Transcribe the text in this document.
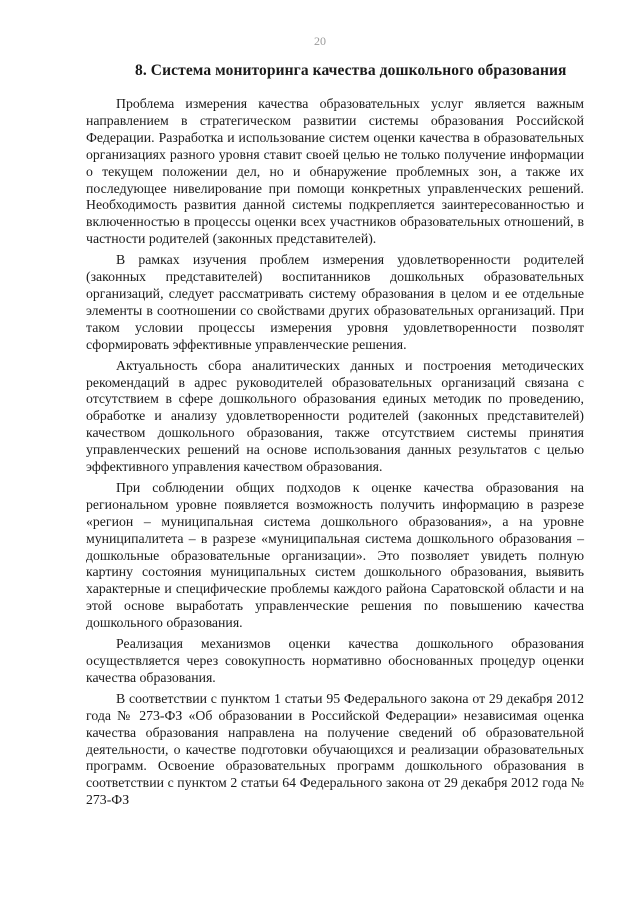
20
8. Система мониторинга качества дошкольного образования

Проблема измерения качества образовательных услуг является важным направлением в стратегическом развитии системы образования Российской Федерации. Разработка и использование систем оценки качества в образовательных организациях разного уровня ставит своей целью не только получение информации о текущем положении дел, но и обнаружение проблемных зон, а также их последующее нивелирование при помощи конкретных управленческих решений. Необходимость развития данной системы подкрепляется заинтересованностью и включенностью в процессы оценки всех участников образовательных отношений, в частности родителей (законных представителей).

В рамках изучения проблем измерения удовлетворенности родителей (законных представителей) воспитанников дошкольных образовательных организаций, следует рассматривать систему образования в целом и ее отдельные элементы в соотношении со свойствами других образовательных организаций. При таком условии процессы измерения уровня удовлетворенности позволят сформировать эффективные управленческие решения.

Актуальность сбора аналитических данных и построения методических рекомендаций в адрес руководителей образовательных организаций связана с отсутствием в сфере дошкольного образования единых методик по проведению, обработке и анализу удовлетворенности родителей (законных представителей) качеством дошкольного образования, также отсутствием системы принятия управленческих решений на основе использования данных результатов с целью эффективного управления качеством образования.

При соблюдении общих подходов к оценке качества образования на региональном уровне появляется возможность получить информацию в разрезе «регион – муниципальная система дошкольного образования», а на уровне муниципалитета – в разрезе «муниципальная система дошкольного образования – дошкольные образовательные организации». Это позволяет увидеть полную картину состояния муниципальных систем дошкольного образования, выявить характерные и специфические проблемы каждого района Саратовской области и на этой основе выработать управленческие решения по повышению качества дошкольного образования.

Реализация механизмов оценки качества дошкольного образования осуществляется через совокупность нормативно обоснованных процедур оценки качества образования.

В соответствии с пунктом 1 статьи 95 Федерального закона от 29 декабря 2012 года № 273-ФЗ «Об образовании в Российской Федерации» независимая оценка качества образования направлена на получение сведений об образовательной деятельности, о качестве подготовки обучающихся и реализации образовательных программ. Освоение образовательных программ дошкольного образования в соответствии с пунктом 2 статьи 64 Федерального закона от 29 декабря 2012 года № 273-ФЗ
